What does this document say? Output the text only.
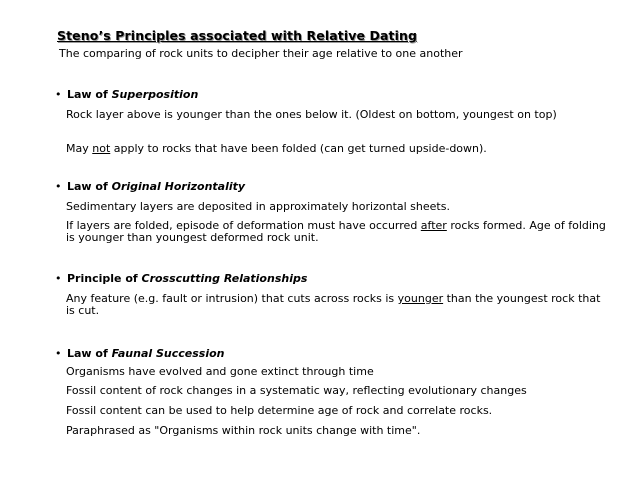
Steno’s Principles associated with Relative Dating
The comparing of rock units to decipher their age relative to one another
• Law of Superposition
Rock layer above is younger than the ones below it. (Oldest on bottom, youngest on top)
May not apply to rocks that have been folded (can get turned upside-down).
• Law of Original Horizontality
Sedimentary layers are deposited in approximately horizontal sheets.
If layers are folded, episode of deformation must have occurred after rocks formed. Age of folding is younger than youngest deformed rock unit.
• Principle of Crosscutting Relationships
Any feature (e.g. fault or intrusion) that cuts across rocks is younger than the youngest rock that is cut.
• Law of Faunal Succession
Organisms have evolved and gone extinct through time
Fossil content of rock changes in a systematic way, reflecting evolutionary changes
Fossil content can be used to help determine age of rock and correlate rocks.
Paraphrased as "Organisms within rock units change with time".
